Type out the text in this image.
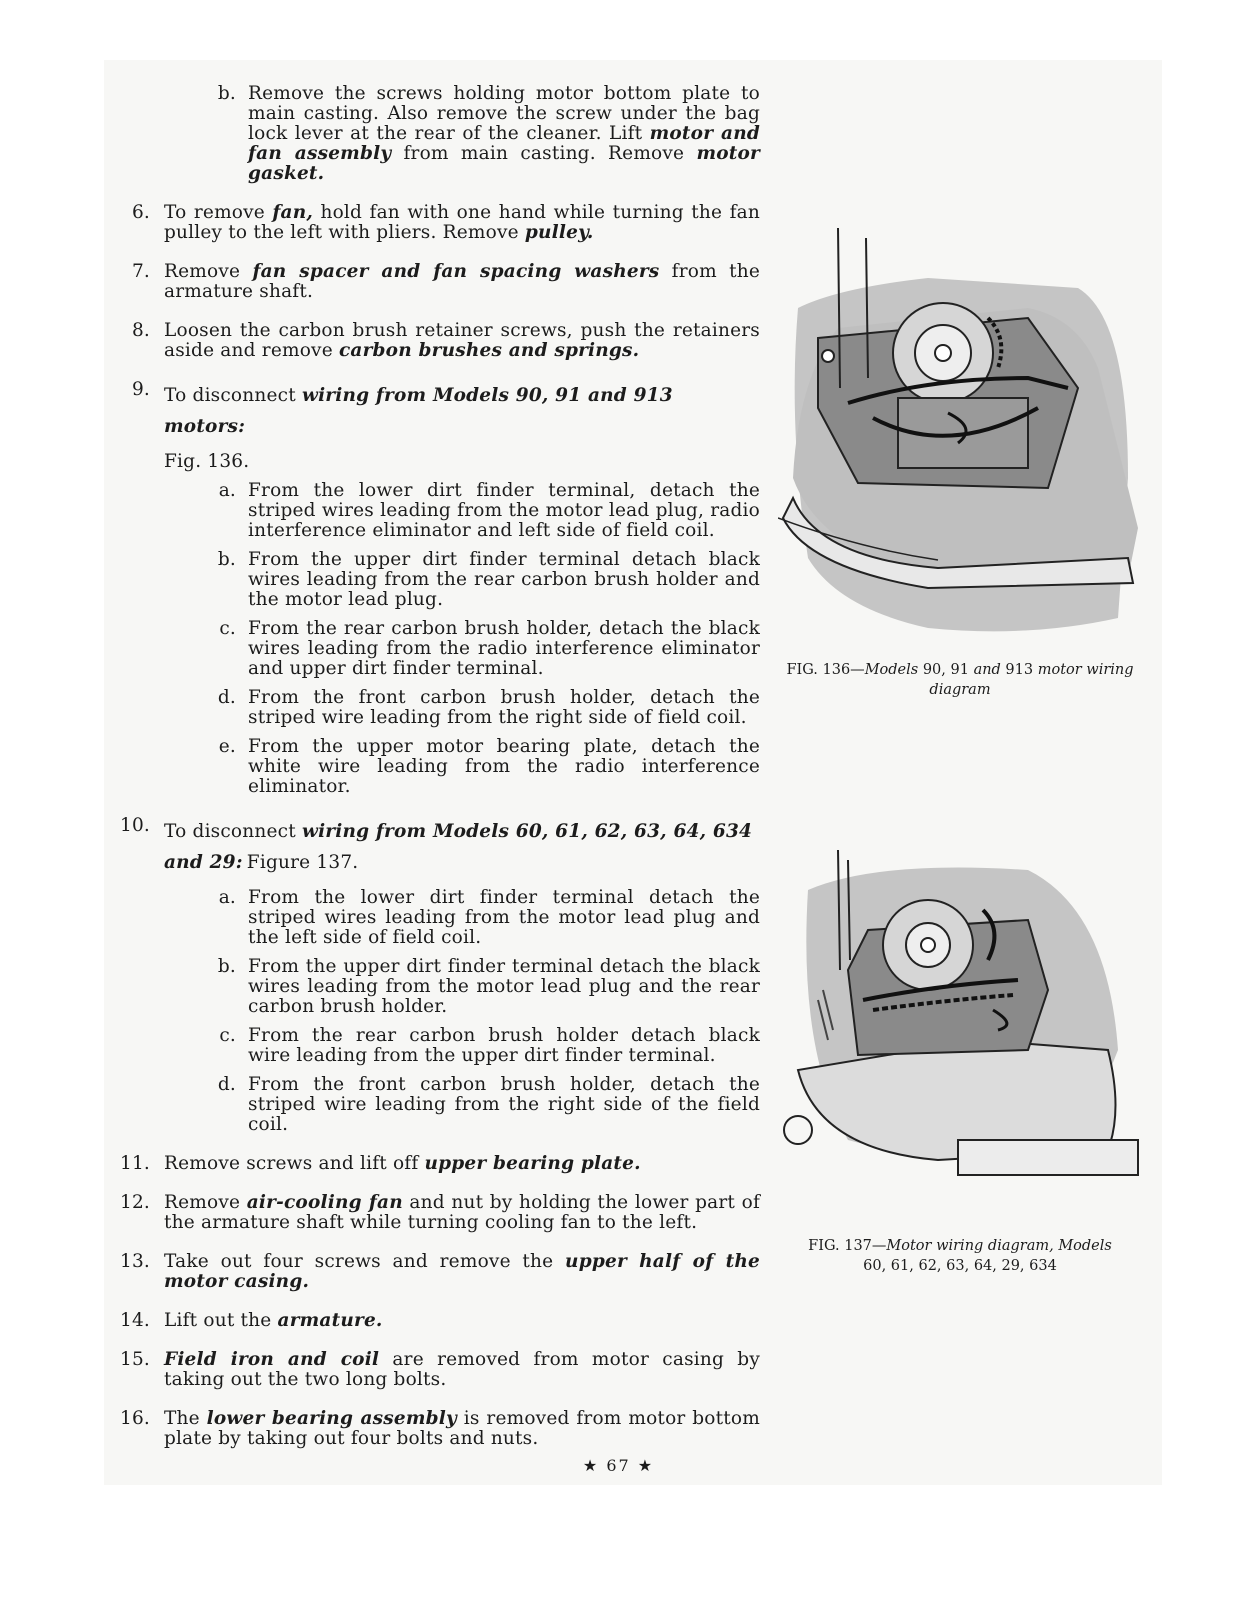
b. Remove the screws holding motor bottom plate to main casting. Also remove the screw under the bag lock lever at the rear of the cleaner. Lift motor and fan assembly from main casting. Remove motor gasket.

6. To remove fan, hold fan with one hand while turning the fan pulley to the left with pliers. Remove pulley.

7. Remove fan spacer and fan spacing washers from the armature shaft.

8. Loosen the carbon brush retainer screws, push the retainers aside and remove carbon brushes and springs.

9. To disconnect wiring from Models 90, 91 and 913 motors:

Fig. 136.
a. From the lower dirt finder terminal, detach the striped wires leading from the motor lead plug, radio interference eliminator and left side of field coil.

b. From the upper dirt finder terminal detach black wires leading from the rear carbon brush holder and the motor lead plug.

c. From the rear carbon brush holder, detach the black wires leading from the radio interference eliminator and upper dirt finder terminal.

d. From the front carbon brush holder, detach the striped wire leading from the right side of field coil.

e. From the upper motor bearing plate, detach the white wire leading from the radio interference eliminator.

10. To disconnect wiring from Models 60, 61, 62, 63, 64, 634 and 29: Figure 137.
a. From the lower dirt finder terminal detach the striped wires leading from the motor lead plug and the left side of field coil.

b. From the upper dirt finder terminal detach the black wires leading from the motor lead plug and the rear carbon brush holder.

c. From the rear carbon brush holder detach black wire leading from the upper dirt finder terminal.

d. From the front carbon brush holder, detach the striped wire leading from the right side of the field coil.

11. Remove screws and lift off upper bearing plate.

12. Remove air-cooling fan and nut by holding the lower part of the armature shaft while turning cooling fan to the left.

13. Take out four screws and remove the upper half of the motor casing.

14. Lift out the armature.

15. Field iron and coil are removed from motor casing by taking out the two long bolts.

16. The lower bearing assembly is removed from motor bottom plate by taking out four bolts and nuts.

FIG. 136—Models 90, 91 and 913 motor wiring diagram
FIG. 137—Motor wiring diagram, Models
60, 61, 62, 63, 64, 29, 634
★ 67 ★
